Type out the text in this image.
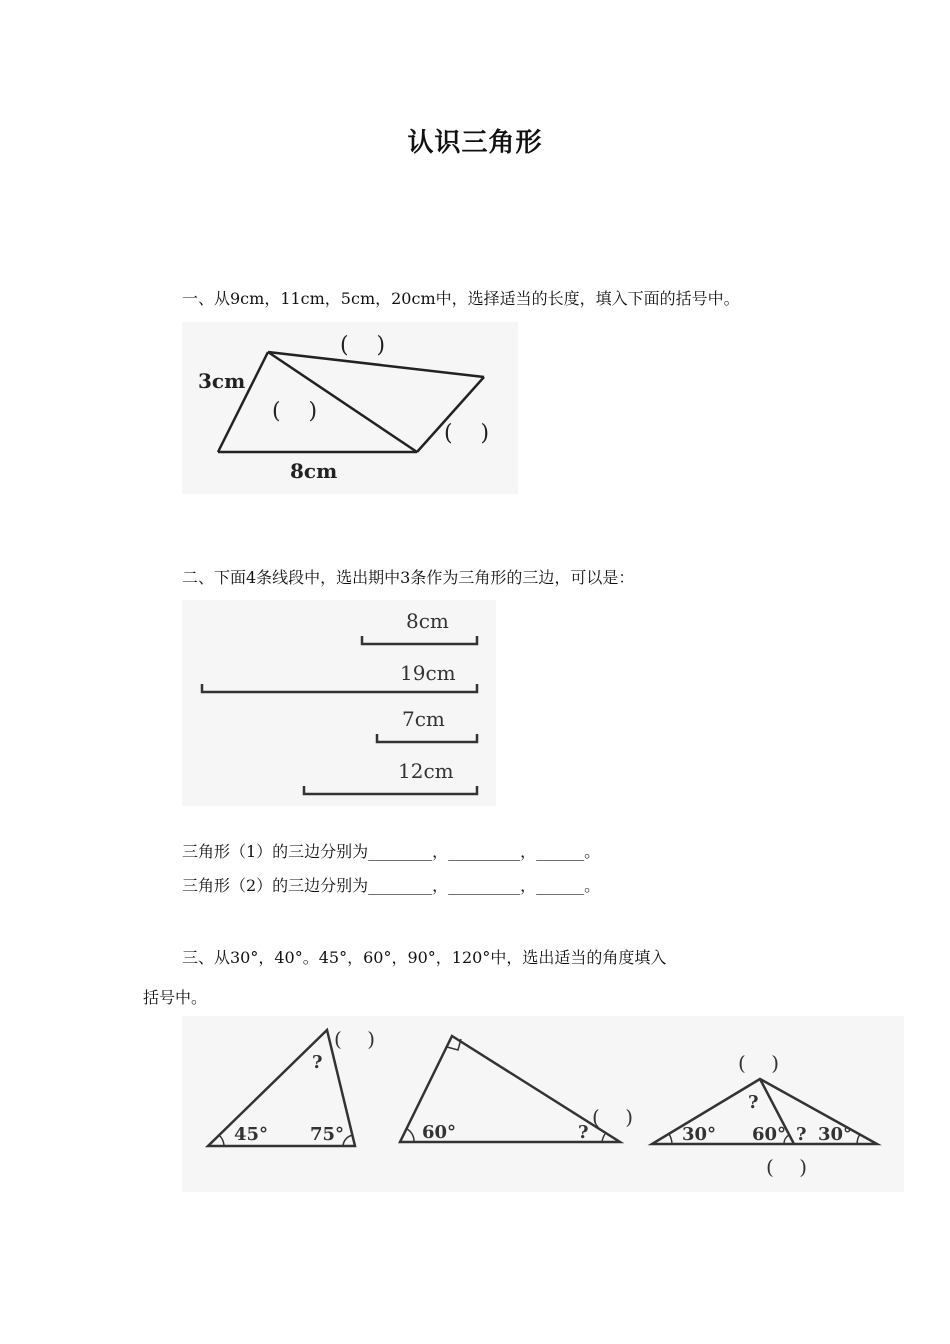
认识三角形
一、从9cm，11cm，5cm，20cm中，选择适当的长度，填入下面的括号中。
3cm
8cm
(    )
(    )
(    )
二、下面4条线段中，选出期中3条作为三角形的三边，可以是：
8cm
19cm
7cm
12cm
三角形（1）的三边分别为________，_________，______。
三角形（2）的三边分别为________，_________，______。
三、从30°，40°。45°，60°，90°，120°中，选出适当的角度填入
括号中。
45° 75°
?
60°	?	30° 60° 30°
?
?
(    )
(    )
(    )
(    )
